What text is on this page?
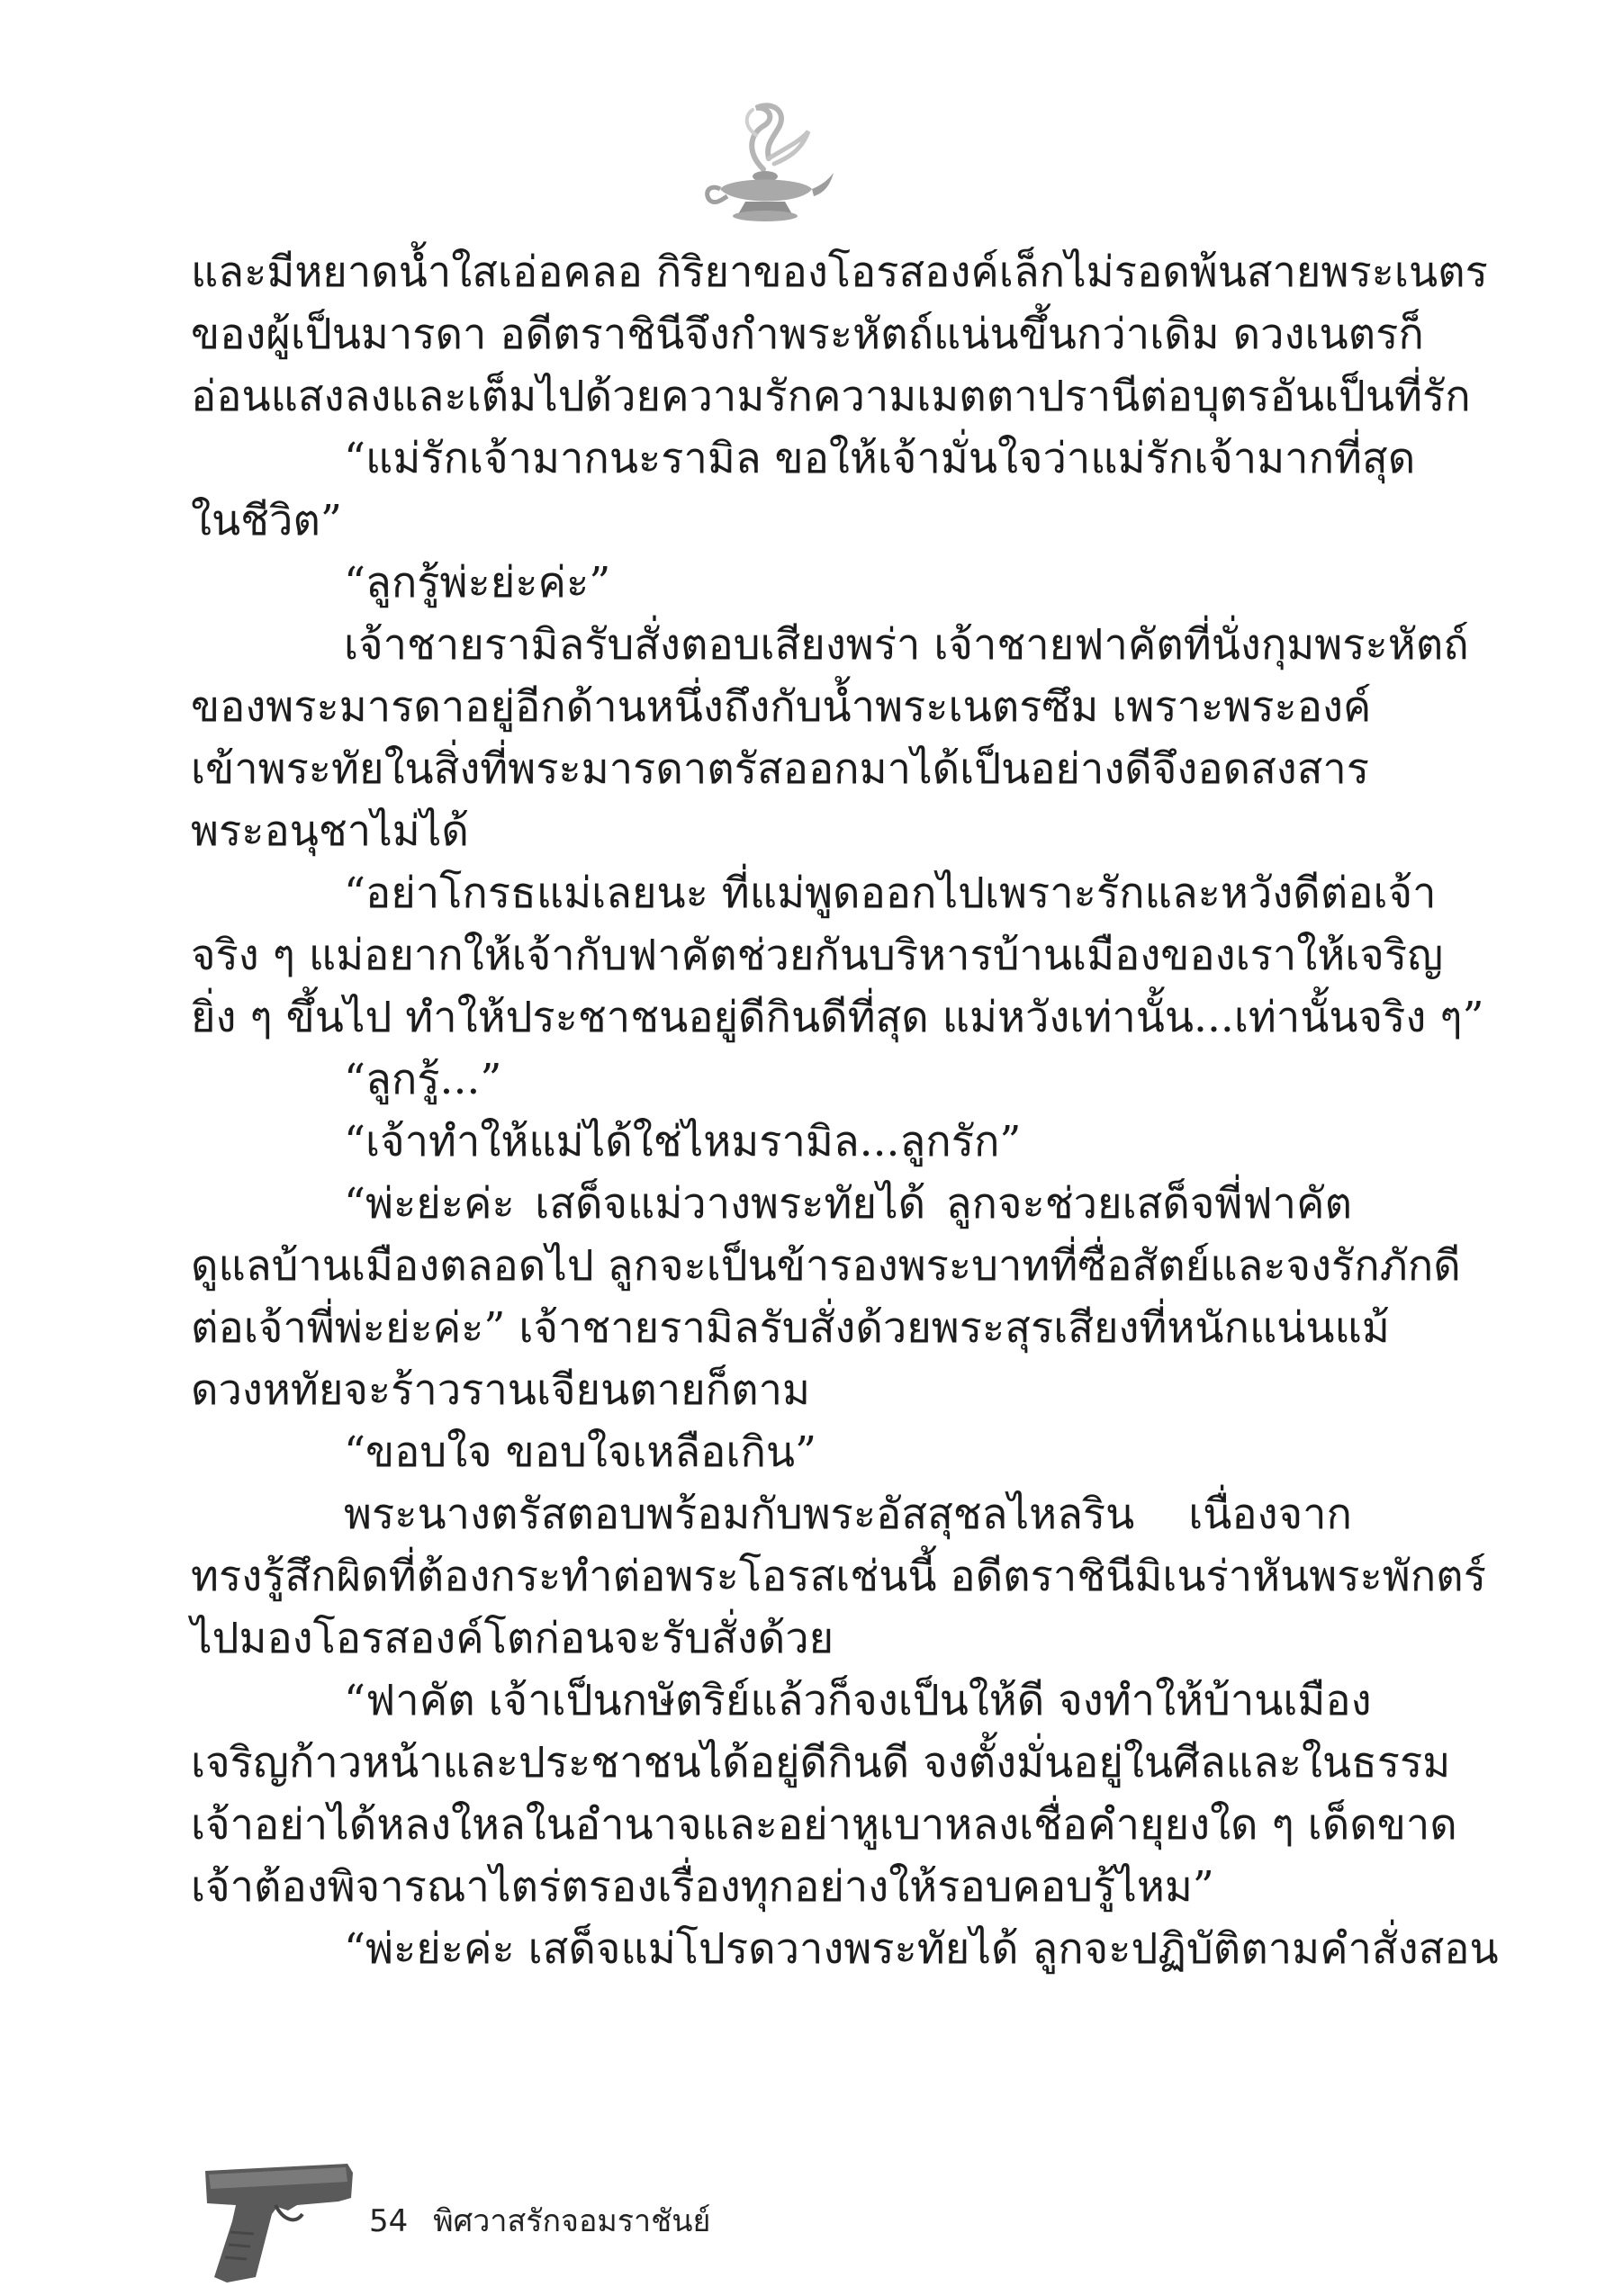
และมีหยาดน้ำใสเอ่อคลอ กิริยาของโอรสองค์เล็กไม่รอดพ้นสายพระเนตร
ของผู้เป็นมารดา อดีตราชินีจึงกำพระหัตถ์แน่นขึ้นกว่าเดิม ดวงเนตรก็
อ่อนแสงลงและเต็มไปด้วยความรักความเมตตาปรานีต่อบุตรอันเป็นที่รัก
“แม่รักเจ้ามากนะรามิล ขอให้เจ้ามั่นใจว่าแม่รักเจ้ามากที่สุด
ในชีวิต”
“ลูกรู้พ่ะย่ะค่ะ”
เจ้าชายรามิลรับสั่งตอบเสียงพร่า เจ้าชายฟาคัตที่นั่งกุมพระหัตถ์
ของพระมารดาอยู่อีกด้านหนึ่งถึงกับน้ำพระเนตรซึม เพราะพระองค์
เข้าพระทัยในสิ่งที่พระมารดาตรัสออกมาได้เป็นอย่างดีจึงอดสงสาร
พระอนุชาไม่ได้
“อย่าโกรธแม่เลยนะ ที่แม่พูดออกไปเพราะรักและหวังดีต่อเจ้า
จริง ๆ แม่อยากให้เจ้ากับฟาคัตช่วยกันบริหารบ้านเมืองของเราให้เจริญ
ยิ่ง ๆ ขึ้นไป ทำให้ประชาชนอยู่ดีกินดีที่สุด แม่หวังเท่านั้น...เท่านั้นจริง ๆ”
“ลูกรู้...”
“เจ้าทำให้แม่ได้ใช่ไหมรามิล...ลูกรัก”
“พ่ะย่ะค่ะ เสด็จแม่วางพระทัยได้ ลูกจะช่วยเสด็จพี่ฟาคัต
ดูแลบ้านเมืองตลอดไป ลูกจะเป็นข้ารองพระบาทที่ซื่อสัตย์และจงรักภักดี
ต่อเจ้าพี่พ่ะย่ะค่ะ” เจ้าชายรามิลรับสั่งด้วยพระสุรเสียงที่หนักแน่นแม้
ดวงหทัยจะร้าวรานเจียนตายก็ตาม
“ขอบใจ ขอบใจเหลือเกิน”
พระนางตรัสตอบพร้อมกับพระอัสสุชลไหลริน เนื่องจาก
ทรงรู้สึกผิดที่ต้องกระทำต่อพระโอรสเช่นนี้ อดีตราชินีมิเนร่าหันพระพักตร์
ไปมองโอรสองค์โตก่อนจะรับสั่งด้วย
“ฟาคัต เจ้าเป็นกษัตริย์แล้วก็จงเป็นให้ดี จงทำให้บ้านเมือง
เจริญก้าวหน้าและประชาชนได้อยู่ดีกินดี จงตั้งมั่นอยู่ในศีลและในธรรม
เจ้าอย่าได้หลงใหลในอำนาจและอย่าหูเบาหลงเชื่อคำยุยงใด ๆ เด็ดขาด
เจ้าต้องพิจารณาไตร่ตรองเรื่องทุกอย่างให้รอบคอบรู้ไหม”
“พ่ะย่ะค่ะ เสด็จแม่โปรดวางพระทัยได้ ลูกจะปฏิบัติตามคำสั่งสอน
54 พิศวาสรักจอมราชันย์
